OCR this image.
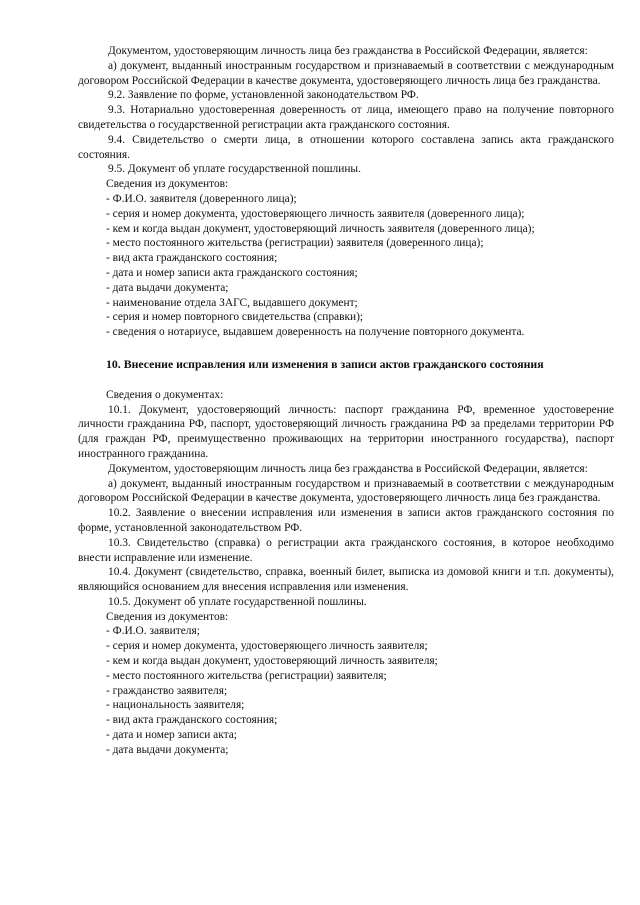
Документом, удостоверяющим личность лица без гражданства в Российской Федерации, является:

а) документ, выданный иностранным государством и признаваемый в соответствии с международным договором Российской Федерации в качестве документа, удостоверяющего личность лица без гражданства.

9.2. Заявление по форме, установленной законодательством РФ.

9.3. Нотариально удостоверенная доверенность от лица, имеющего право на получение повторного свидетельства о государственной регистрации акта гражданского состояния.

9.4. Свидетельство о смерти лица, в отношении которого составлена запись акта гражданского состояния.

9.5. Документ об уплате государственной пошлины.

Сведения из документов:

- Ф.И.О. заявителя (доверенного лица);

- серия и номер документа, удостоверяющего личность заявителя (доверенного лица);

- кем и когда выдан документ, удостоверяющий личность заявителя (доверенного лица);

- место постоянного жительства (регистрации) заявителя (доверенного лица);

- вид акта гражданского состояния;

- дата и номер записи акта гражданского состояния;

- дата выдачи документа;

- наименование отдела ЗАГС, выдавшего документ;

- серия и номер повторного свидетельства (справки);

- сведения о нотариусе, выдавшем доверенность на получение повторного документа.

10. Внесение исправления или изменения в записи актов гражданского состояния

Сведения о документах:

10.1. Документ, удостоверяющий личность: паспорт гражданина РФ, временное удостоверение личности гражданина РФ, паспорт, удостоверяющий личность гражданина РФ за пределами территории РФ (для граждан РФ, преимущественно проживающих на территории иностранного государства), паспорт иностранного гражданина.

Документом, удостоверяющим личность лица без гражданства в Российской Федерации, является:

а) документ, выданный иностранным государством и признаваемый в соответствии с международным договором Российской Федерации в качестве документа, удостоверяющего личность лица без гражданства.

10.2. Заявление о внесении исправления или изменения в записи актов гражданского состояния по форме, установленной законодательством РФ.

10.3. Свидетельство (справка) о регистрации акта гражданского состояния, в которое необходимо внести исправление или изменение.

10.4. Документ (свидетельство, справка, военный билет, выписка из домовой книги и т.п. документы), являющийся основанием для внесения исправления или изменения.

10.5. Документ об уплате государственной пошлины.

Сведения из документов:

- Ф.И.О. заявителя;

- серия и номер документа, удостоверяющего личность заявителя;

- кем и когда выдан документ, удостоверяющий личность заявителя;

- место постоянного жительства (регистрации) заявителя;

- гражданство заявителя;

- национальность заявителя;

- вид акта гражданского состояния;

- дата и номер записи акта;

- дата выдачи документа;
